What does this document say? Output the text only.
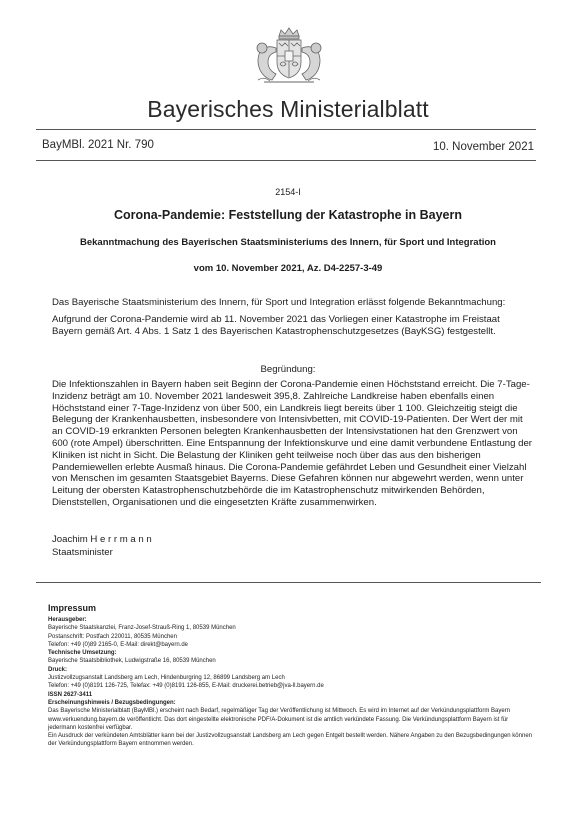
Bayerisches Ministerialblatt
BayMBl. 2021 Nr. 790	10. November 2021
2154-I
Corona-Pandemie: Feststellung der Katastrophe in Bayern
Bekanntmachung des Bayerischen Staatsministeriums des Innern, für Sport und Integration
vom 10. November 2021, Az. D4-2257-3-49
Das Bayerische Staatsministerium des Innern, für Sport und Integration erlässt folgende Bekanntmachung:
Aufgrund der Corona-Pandemie wird ab 11. November 2021 das Vorliegen einer Katastrophe im Freistaat Bayern gemäß Art. 4 Abs. 1 Satz 1 des Bayerischen Katastrophenschutzgesetzes (BayKSG) festgestellt.
Begründung:
Die Infektionszahlen in Bayern haben seit Beginn der Corona-Pandemie einen Höchststand erreicht. Die 7-Tage-Inzidenz beträgt am 10. November 2021 landesweit 395,8. Zahlreiche Landkreise haben ebenfalls einen Höchststand einer 7-Tage-Inzidenz von über 500, ein Landkreis liegt bereits über 1 100. Gleichzeitig steigt die Belegung der Krankenhausbetten, insbesondere von Intensivbetten, mit COVID-19-Patienten. Der Wert der mit an COVID-19 erkrankten Personen belegten Krankenhausbetten der Intensivstationen hat den Grenzwert von 600 (rote Ampel) überschritten. Eine Entspannung der Infektionskurve und eine damit verbundene Entlastung der Kliniken ist nicht in Sicht. Die Belastung der Kliniken geht teilweise noch über das aus den bisherigen Pandemiewellen erlebte Ausmaß hinaus. Die Corona-Pandemie gefährdet Leben und Gesundheit einer Vielzahl von Menschen im gesamten Staatsgebiet Bayerns. Diese Gefahren können nur abgewehrt werden, wenn unter Leitung der obersten Katastrophenschutzbehörde die im Katastrophenschutz mitwirkenden Behörden, Dienststellen, Organisationen und die eingesetzten Kräfte zusammenwirken.
Joachim H e r r m a n n
Staatsminister
Impressum
Herausgeber:
Bayerische Staatskanzlei, Franz-Josef-Strauß-Ring 1, 80539 München
Postanschrift: Postfach 220011, 80535 München
Telefon: +49 (0)89 2165-0, E-Mail: direkt@bayern.de
Technische Umsetzung:
Bayerische Staatsbibliothek, Ludwigstraße 16, 80539 München
Druck:
Justizvollzugsanstalt Landsberg am Lech, Hindenburgring 12, 86899 Landsberg am Lech
Telefon: +49 (0)8191 126-725, Telefax: +49 (0)8191 126-855, E-Mail: druckerei.betrieb@jva-ll.bayern.de
ISSN 2627-3411
Erscheinungshinweis / Bezugsbedingungen:
Das Bayerische Ministerialblatt (BayMBl.) erscheint nach Bedarf, regelmäßiger Tag der Veröffentlichung ist Mittwoch. Es wird im Internet auf der Verkündungsplattform Bayern www.verkuendung.bayern.de veröffentlicht. Das dort eingestellte elektronische PDF/A-Dokument ist die amtlich verkündete Fassung. Die Verkündungsplattform Bayern ist für jedermann kostenfrei verfügbar.
Ein Ausdruck der verkündeten Amtsblätter kann bei der Justizvollzugsanstalt Landsberg am Lech gegen Entgelt bestellt werden. Nähere Angaben zu den Bezugsbedingungen können der Verkündungsplattform Bayern entnommen werden.
